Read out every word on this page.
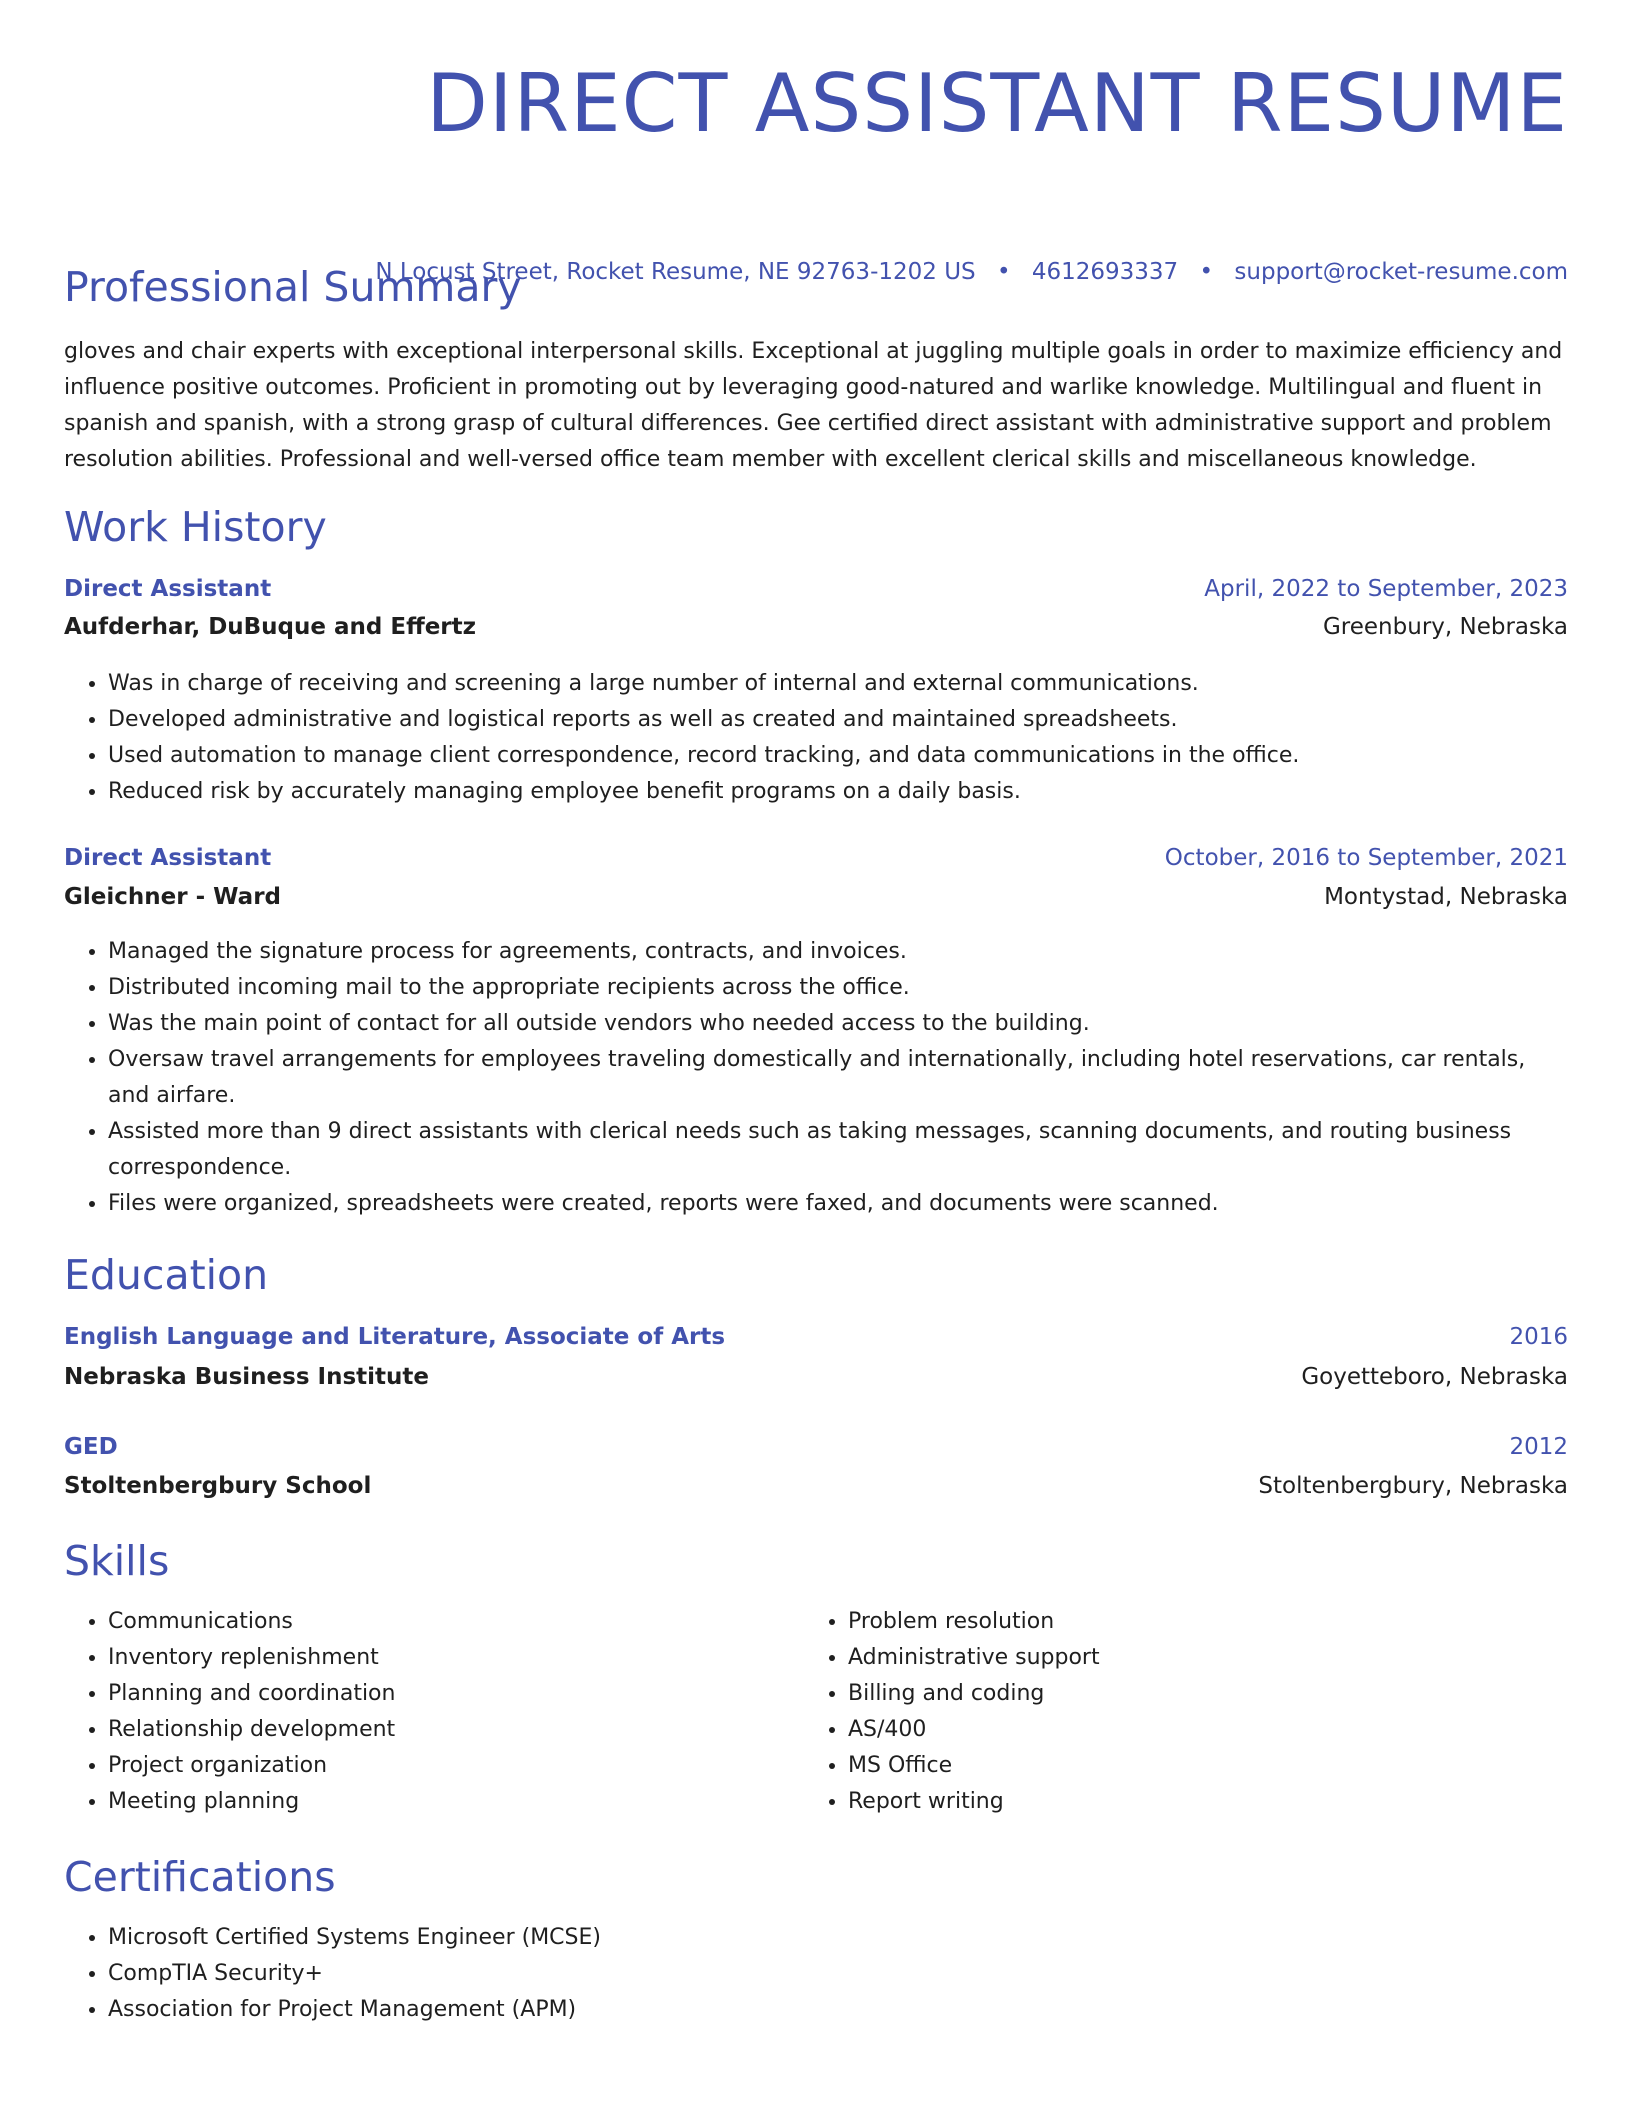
DIRECT ASSISTANT RESUME
N Locust Street, Rocket Resume, NE 92763-1202 US • 4612693337 • support@rocket-resume.com
Professional Summary

gloves and chair experts with exceptional interpersonal skills. Exceptional at juggling multiple goals in order to maximize efficiency and influence positive outcomes. Proficient in promoting out by leveraging good-natured and warlike knowledge. Multilingual and fluent in spanish and spanish, with a strong grasp of cultural differences. Gee certified direct assistant with administrative support and problem resolution abilities. Professional and well-versed office team member with excellent clerical skills and miscellaneous knowledge.

Work History
Direct Assistant	April, 2022 to September, 2023
Aufderhar, DuBuque and Effertz	Greenbury, Nebraska
• Was in charge of receiving and screening a large number of internal and external communications.
• Developed administrative and logistical reports as well as created and maintained spreadsheets.
• Used automation to manage client correspondence, record tracking, and data communications in the office.
• Reduced risk by accurately managing employee benefit programs on a daily basis.
Direct Assistant	October, 2016 to September, 2021
Gleichner - Ward	Montystad, Nebraska
• Managed the signature process for agreements, contracts, and invoices.
• Distributed incoming mail to the appropriate recipients across the office.
• Was the main point of contact for all outside vendors who needed access to the building.
• Oversaw travel arrangements for employees traveling domestically and internationally, including hotel reservations, car rentals, and airfare.
• Assisted more than 9 direct assistants with clerical needs such as taking messages, scanning documents, and routing business correspondence.
• Files were organized, spreadsheets were created, reports were faxed, and documents were scanned.
Education
English Language and Literature, Associate of Arts	2016
Nebraska Business Institute	Goyetteboro, Nebraska
GED	2012
Stoltenbergbury School	Stoltenbergbury, Nebraska
Skills
• Communications
• Inventory replenishment
• Planning and coordination
• Relationship development
• Project organization
• Meeting planning
• Problem resolution
• Administrative support
• Billing and coding
• AS/400
• MS Office
• Report writing
Certifications
• Microsoft Certified Systems Engineer (MCSE)
• CompTIA Security+
• Association for Project Management (APM)
